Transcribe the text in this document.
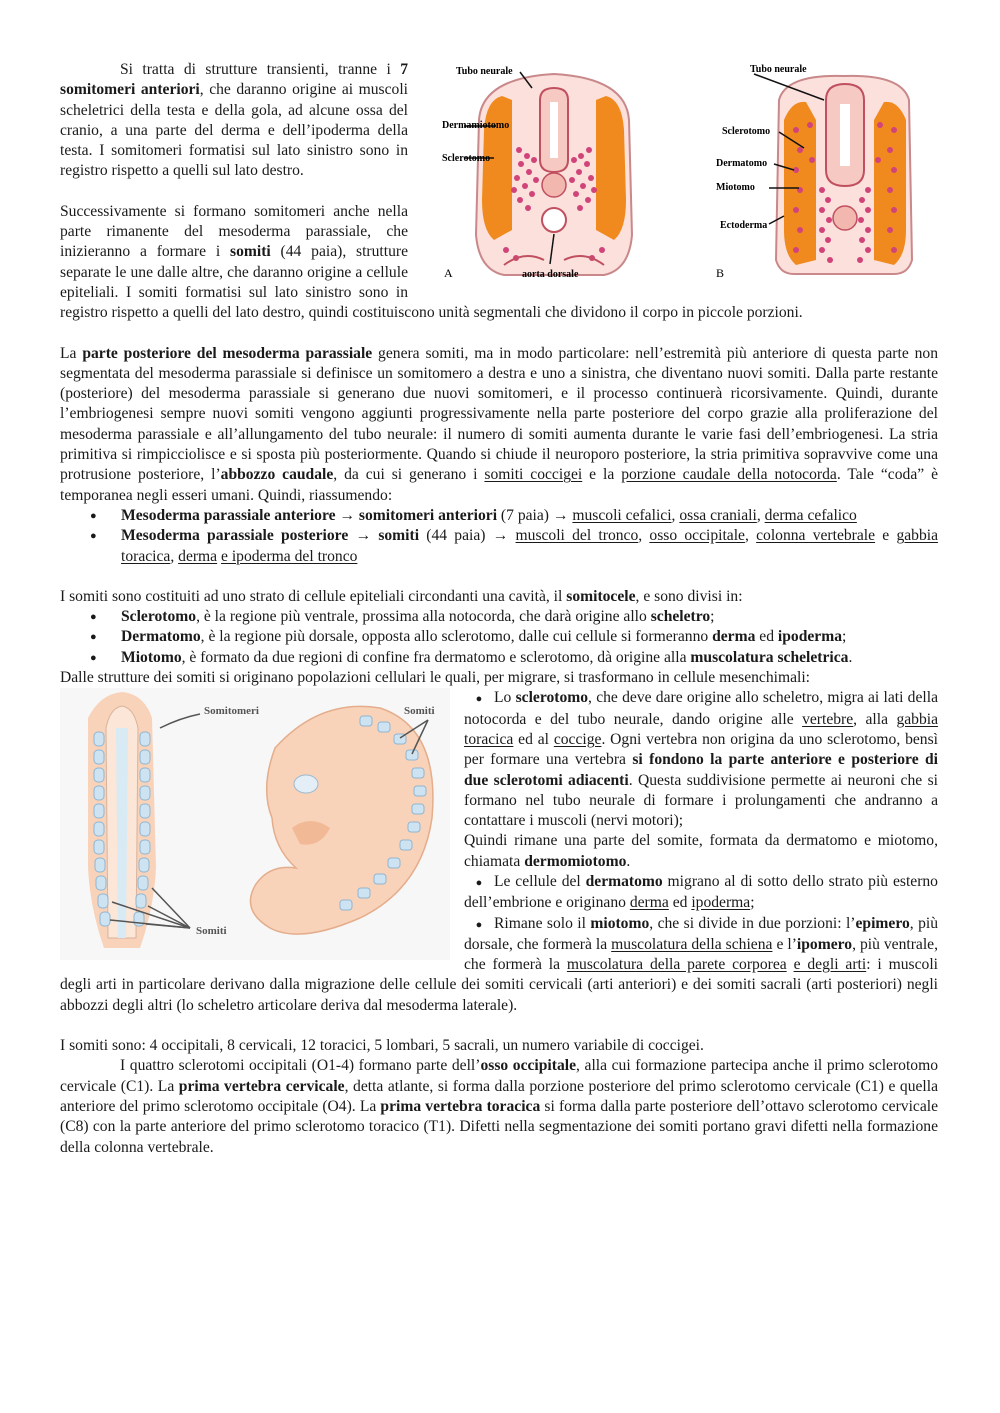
Tubo neurale
Dermamiotomo
Sclerotomo
aorta dorsale
A
Tubo neurale
Sclerotomo
Dermatomo
Miotomo
Ectoderma
B

Si tratta di strutture transienti, tranne i 7 somitomeri anteriori, che daranno origine ai muscoli scheletrici della testa e della gola, ad alcune ossa del cranio, a una parte del derma e dell’ipoderma della testa. I somitomeri formatisi sul lato sinistro sono in registro rispetto a quelli sul lato destro.

Successivamente si formano somitomeri anche nella parte rimanente del mesoderma parassiale, che inizieranno a formare i somiti (44 paia), strutture separate le une dalle altre, che daranno origine a cellule epiteliali. I somiti formatisi sul lato sinistro sono in registro rispetto a quelli del lato destro, quindi costituiscono unità segmentali che dividono il corpo in piccole porzioni.

La parte posteriore del mesoderma parassiale genera somiti, ma in modo particolare: nell’estremità più anteriore di questa parte non segmentata del mesoderma parassiale si definisce un somitomero a destra e uno a sinistra, che diventano nuovi somiti. Dalla parte restante (posteriore) del mesoderma parassiale si generano due nuovi somitomeri, e il processo continuerà ricorsivamente. Quindi, durante l’embriogenesi sempre nuovi somiti vengono aggiunti progressivamente nella parte posteriore del corpo grazie alla proliferazione del mesoderma parassiale e all’allungamento del tubo neurale: il numero di somiti aumenta durante le varie fasi dell’embriogenesi. La stria primitiva si rimpicciolisce e si sposta più posteriormente. Quando si chiude il neuroporo posteriore, la stria primitiva sopravvive come una protrusione posteriore, l’abbozzo caudale, da cui si generano i somiti coccigei e la porzione caudale della notocorda. Tale “coda” è temporanea negli esseri umani. Quindi, riassumendo:

● Mesoderma parassiale anteriore → somitomeri anteriori (7 paia) → muscoli cefalici, ossa craniali, derma cefalico
● Mesoderma parassiale posteriore → somiti (44 paia) → muscoli del tronco, osso occipitale, colonna vertebrale e gabbia toracica, derma e ipoderma del tronco

I somiti sono costituiti ad uno strato di cellule epiteliali circondanti una cavità, il somitocele, e sono divisi in:

● Sclerotomo, è la regione più ventrale, prossima alla notocorda, che darà origine allo scheletro;
● Dermatomo, è la regione più dorsale, opposta allo sclerotomo, dalle cui cellule si formeranno derma ed ipoderma;
● Miotomo, è formato da due regioni di confine fra dermatomo e sclerotomo, dà origine alla muscolatura scheletrica.

Dalle strutture dei somiti si originano popolazioni cellulari le quali, per migrare, si trasformano in cellule mesenchimali:

Somitomeri	Somiti
Somiti

● Lo sclerotomo, che deve dare origine allo scheletro, migra ai lati della notocorda e del tubo neurale, dando origine alle vertebre, alla gabbia toracica ed al coccige. Ogni vertebra non origina da uno sclerotomo, bensì per formare una vertebra si fondono la parte anteriore e posteriore di due sclerotomi adiacenti. Questa suddivisione permette ai neuroni che si formano nel tubo neurale di formare i prolungamenti che andranno a contattare i muscoli (nervi motori);

Quindi rimane una parte del somite, formata da dermatomo e miotomo, chiamata dermomiotomo.

● Le cellule del dermatomo migrano al di sotto dello strato più esterno dell’embrione e originano derma ed ipoderma;

● Rimane solo il miotomo, che si divide in due porzioni: l’epimero, più dorsale, che formerà la muscolatura della schiena e l’ipomero, più ventrale, che formerà la muscolatura della parete corporea e degli arti: i muscoli degli arti in particolare derivano dalla migrazione delle cellule dei somiti cervicali (arti anteriori) e dei somiti sacrali (arti posteriori) negli abbozzi degli altri (lo scheletro articolare deriva dal mesoderma laterale).

I somiti sono: 4 occipitali, 8 cervicali, 12 toracici, 5 lombari, 5 sacrali, un numero variabile di coccigei.

I quattro sclerotomi occipitali (O1-4) formano parte dell’osso occipitale, alla cui formazione partecipa anche il primo sclerotomo cervicale (C1). La prima vertebra cervicale, detta atlante, si forma dalla porzione posteriore del primo sclerotomo cervicale (C1) e quella anteriore del primo sclerotomo occipitale (O4). La prima vertebra toracica si forma dalla parte posteriore dell’ottavo sclerotomo cervicale (C8) con la parte anteriore del primo sclerotomo toracico (T1). Difetti nella segmentazione dei somiti portano gravi difetti nella formazione della colonna vertebrale.
